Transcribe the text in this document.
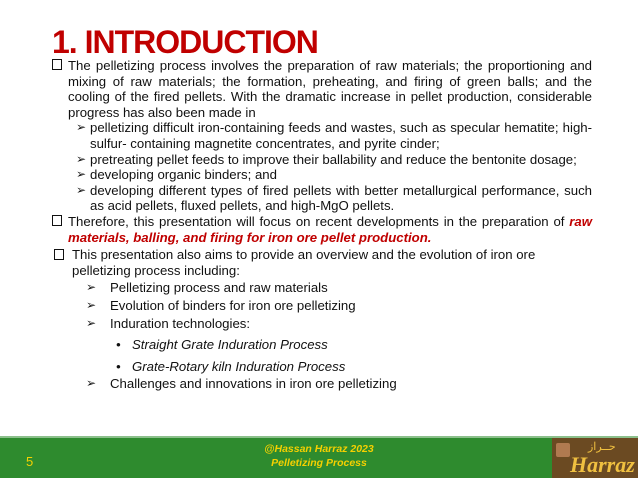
1. INTRODUCTION

The pelletizing process involves the preparation of raw materials; the proportioning and mixing of raw materials; the formation, preheating, and firing of green balls; and the cooling of the fired pellets. With the dramatic increase in pellet production, considerable progress has also been made in

➢ pelletizing difficult iron-containing feeds and wastes, such as specular hematite; high-sulfur- containing magnetite concentrates, and pyrite cinder;

➢ pretreating pellet feeds to improve their ballability and reduce the bentonite dosage;

➢ developing organic binders; and

➢ developing different types of fired pellets with better metallurgical performance, such as acid pellets, fluxed pellets, and high-MgO pellets.

Therefore, this presentation will focus on recent developments in the preparation of raw materials, balling, and firing for iron ore pellet production.

This presentation also aims to provide an overview and the evolution of iron ore pelletizing process including:

➢ Pelletizing process and raw materials

➢ Evolution of binders for iron ore pelletizing

➢ Induration technologies:

• Straight Grate Induration Process

• Grate-Rotary kiln Induration Process

➢ Challenges and innovations in iron ore pelletizing

5
@Hassan Harraz 2023
Pelletizing Process
حــراز
Harraz
